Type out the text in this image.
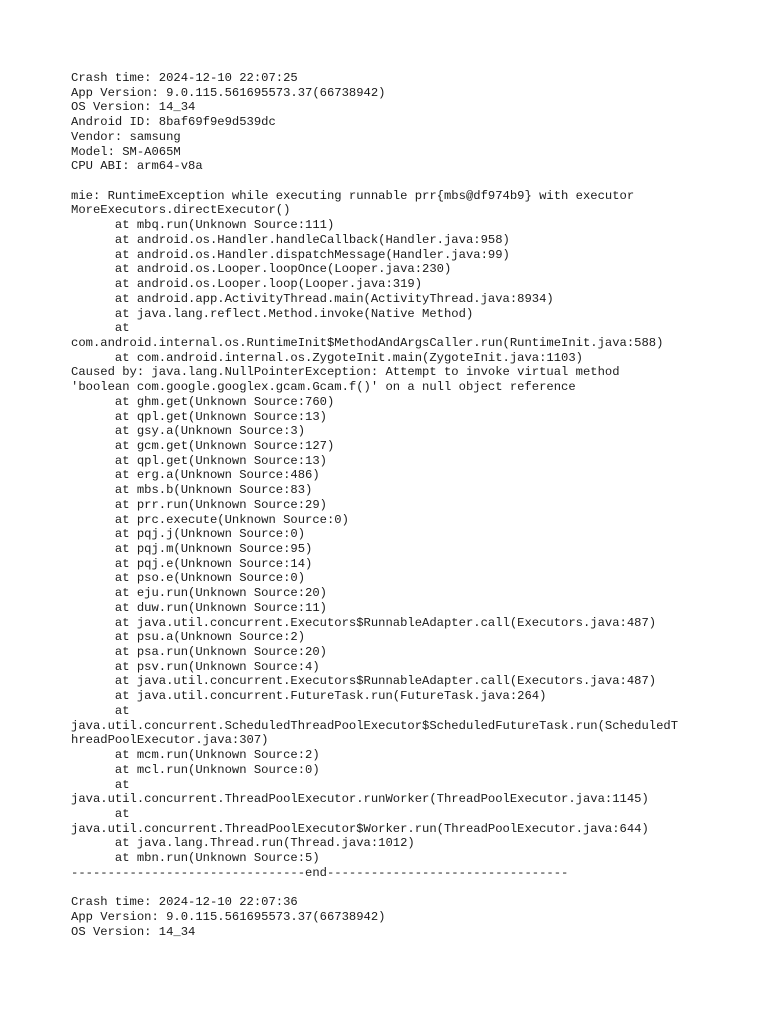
Crash time: 2024-12-10 22:07:25
App Version: 9.0.115.561695573.37(66738942)
OS Version: 14_34
Android ID: 8baf69f9e9d539dc
Vendor: samsung
Model: SM-A065M
CPU ABI: arm64-v8a
mie: RuntimeException while executing runnable prr{mbs@df974b9} with executor
MoreExecutors.directExecutor()
at mbq.run(Unknown Source:111)
at android.os.Handler.handleCallback(Handler.java:958)
at android.os.Handler.dispatchMessage(Handler.java:99)
at android.os.Looper.loopOnce(Looper.java:230)
at android.os.Looper.loop(Looper.java:319)
at android.app.ActivityThread.main(ActivityThread.java:8934)
at java.lang.reflect.Method.invoke(Native Method)
at
com.android.internal.os.RuntimeInit$MethodAndArgsCaller.run(RuntimeInit.java:588)
at com.android.internal.os.ZygoteInit.main(ZygoteInit.java:1103)
Caused by: java.lang.NullPointerException: Attempt to invoke virtual method
'boolean com.google.googlex.gcam.Gcam.f()' on a null object reference
at ghm.get(Unknown Source:760)
at qpl.get(Unknown Source:13)
at gsy.a(Unknown Source:3)
at gcm.get(Unknown Source:127)
at qpl.get(Unknown Source:13)
at erg.a(Unknown Source:486)
at mbs.b(Unknown Source:83)
at prr.run(Unknown Source:29)
at prc.execute(Unknown Source:0)
at pqj.j(Unknown Source:0)
at pqj.m(Unknown Source:95)
at pqj.e(Unknown Source:14)
at pso.e(Unknown Source:0)
at eju.run(Unknown Source:20)
at duw.run(Unknown Source:11)
at java.util.concurrent.Executors$RunnableAdapter.call(Executors.java:487)
at psu.a(Unknown Source:2)
at psa.run(Unknown Source:20)
at psv.run(Unknown Source:4)
at java.util.concurrent.Executors$RunnableAdapter.call(Executors.java:487)
at java.util.concurrent.FutureTask.run(FutureTask.java:264)
at
java.util.concurrent.ScheduledThreadPoolExecutor$ScheduledFutureTask.run(ScheduledT
hreadPoolExecutor.java:307)
at mcm.run(Unknown Source:2)
at mcl.run(Unknown Source:0)
at
java.util.concurrent.ThreadPoolExecutor.runWorker(ThreadPoolExecutor.java:1145)
at
java.util.concurrent.ThreadPoolExecutor$Worker.run(ThreadPoolExecutor.java:644)
at java.lang.Thread.run(Thread.java:1012)
at mbn.run(Unknown Source:5)
--------------------------------end---------------------------------
Crash time: 2024-12-10 22:07:36
App Version: 9.0.115.561695573.37(66738942)
OS Version: 14_34
